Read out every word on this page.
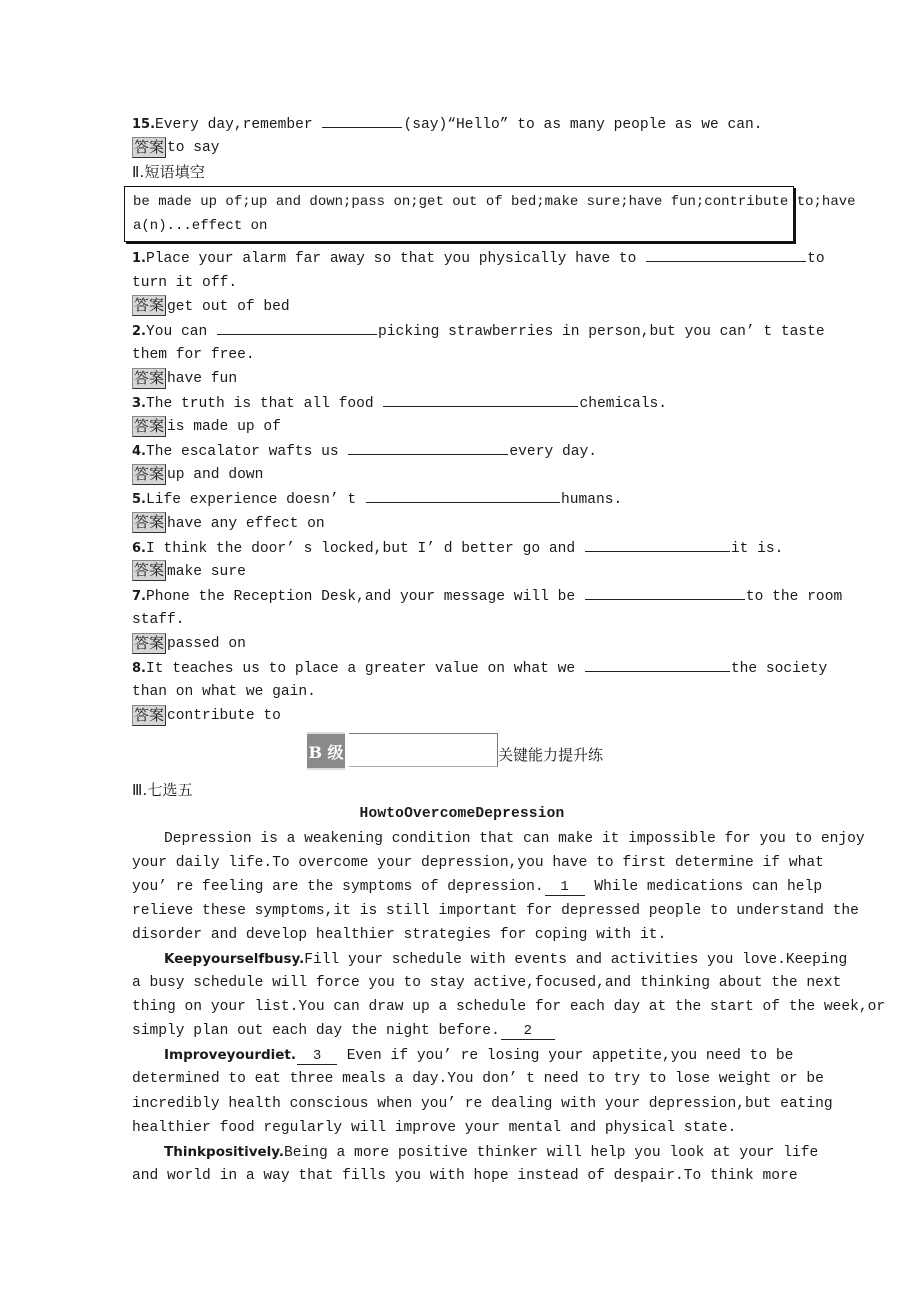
15.Every day,remember	(say)“Hello” to as many people as we can.
答案 to say
Ⅱ.短语填空
be made up of;up and down;pass on;get out of bed;make sure;have fun;contribute to;have
a(n)...effect on
1.Place your alarm far away so that you physically have to	to
turn it off.
答案 get out of bed
2.You can	picking strawberries in person,but you can’ t taste
them for free.
答案 have fun
3.The truth is that all food	chemicals.
答案 is made up of
4.The escalator wafts us	every day.
答案 up and down
5.Life experience doesn’ t	humans.
答案 have any effect on
6.I think the door’ s locked,but I’ d better go and	it is.
答案 make sure
7.Phone the Reception Desk,and your message will be	to the room
staff.
答案 passed on
8.It teaches us to place a greater value on what we	the society
than on what we gain.
答案 contribute to
B 级	关键能力提升练
Ⅲ.七选五
HowtoOvercomeDepression
Depression is a weakening condition that can make it impossible for you to enjoy
your daily life.To overcome your depression,you have to first determine if what
you’ re feeling are the symptoms of depression. 1 While medications can help
relieve these symptoms,it is still important for depressed people to understand the
disorder and develop healthier strategies for coping with it.
Keepyourselfbusy.Fill your schedule with events and activities you love.Keeping
a busy schedule will force you to stay active,focused,and thinking about the next
thing on your list.You can draw up a schedule for each day at the start of the week,or
simply plan out each day the night before. 2
Improveyourdiet. 3 Even if you’ re losing your appetite,you need to be
determined to eat three meals a day.You don’ t need to try to lose weight or be
incredibly health conscious when you’ re dealing with your depression,but eating
healthier food regularly will improve your mental and physical state.
Thinkpositively.Being a more positive thinker will help you look at your life
and world in a way that fills you with hope instead of despair.To think more
